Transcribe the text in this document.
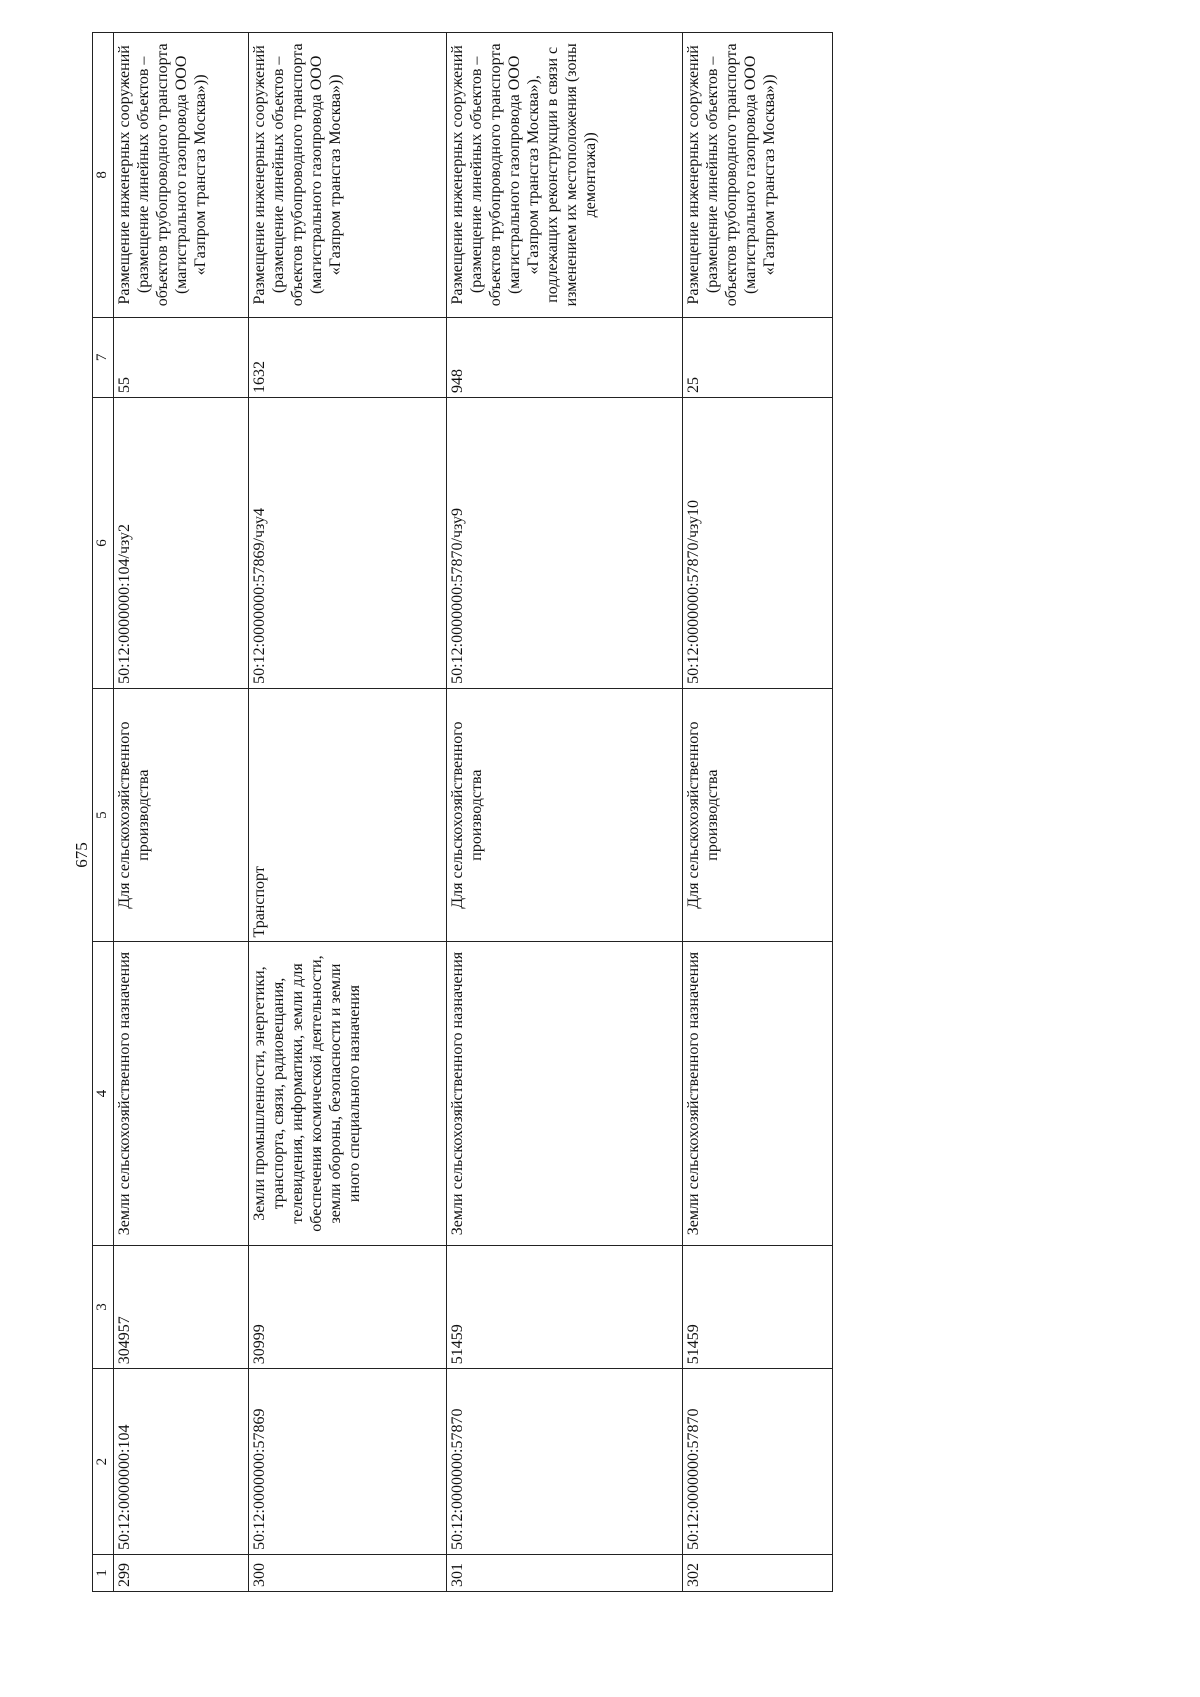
675
1	2	3	4	5	6	7	8
299	50:12:0000000:104	304957	Земли сельскохозяйственного назначения	Для сельскохозяйственного производства	50:12:0000000:104/чзу2	55	Размещение инженерных сооружений (размещение линейных объектов – объектов трубопроводного транспорта (магистрального газопровода ООО «Газпром трансгаз Москва»))
300	50:12:0000000:57869	30999	Земли промышленности, энергетики, транспорта, связи, радиовещания, телевидения, информатики, земли для обеспечения космической деятельности, земли обороны, безопасности и земли иного специального назначения	Транспорт	50:12:0000000:57869/чзу4	1632	Размещение инженерных сооружений (размещение линейных объектов – объектов трубопроводного транспорта (магистрального газопровода ООО «Газпром трансгаз Москва»))
301	50:12:0000000:57870	51459	Земли сельскохозяйственного назначения	Для сельскохозяйственного производства	50:12:0000000:57870/чзу9	948	Размещение инженерных сооружений (размещение линейных объектов – объектов трубопроводного транспорта (магистрального газопровода ООО «Газпром трансгаз Москва»), подлежащих реконструкции в связи с изменением их местоположения (зоны демонтажа))
302	50:12:0000000:57870	51459	Земли сельскохозяйственного назначения	Для сельскохозяйственного производства	50:12:0000000:57870/чзу10	25	Размещение инженерных сооружений (размещение линейных объектов – объектов трубопроводного транспорта (магистрального газопровода ООО «Газпром трансгаз Москва»))
